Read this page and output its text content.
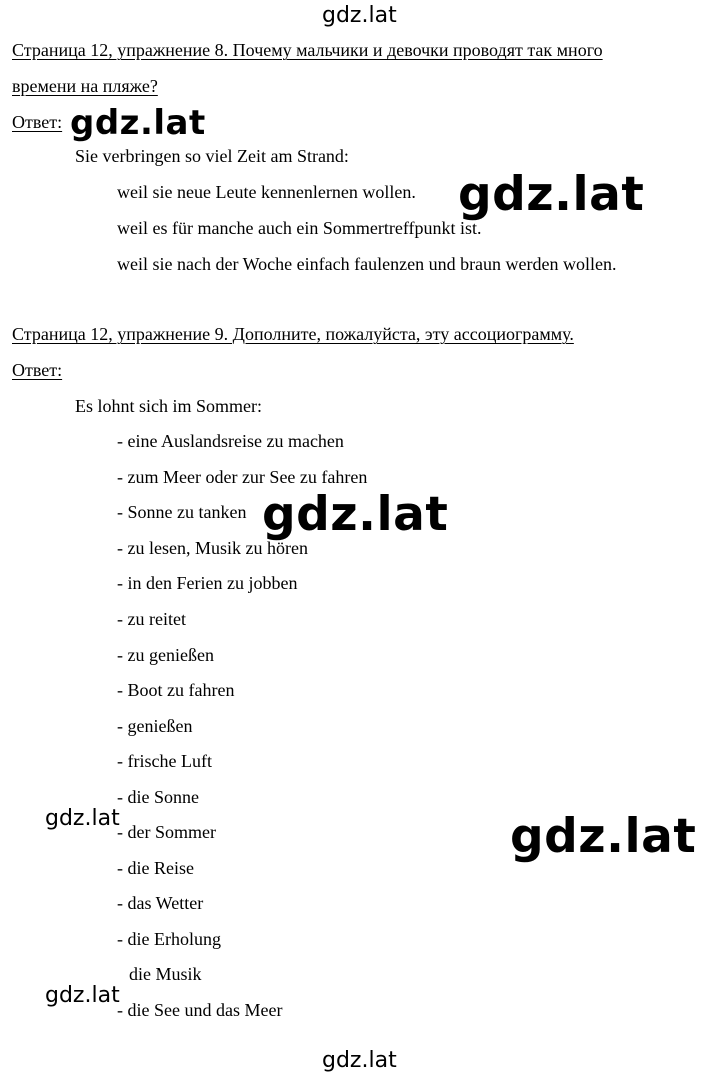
gdz.lat
Страница 12, упражнение 8. Почему мальчики и девочки проводят так много
времени на пляже?
Ответ:
Sie verbringen so viel Zeit am Strand:
weil sie neue Leute kennenlernen wollen.
weil es für manche auch ein Sommertreffpunkt ist.
weil sie nach der Woche einfach faulenzen und braun werden wollen.
Страница 12, упражнение 9. Дополните, пожалуйста, эту ассоциограмму.
Ответ:
Es lohnt sich im Sommer:
- eine Auslandsreise zu machen
- zum Meer oder zur See zu fahren
- Sonne zu tanken
- zu lesen, Musik zu hören
- in den Ferien zu jobben
- zu reitet
- zu genießen
- Boot zu fahren
- genießen
- frische Luft
- die Sonne
- der Sommer
- die Reise
- das Wetter
- die Erholung
die Musik
- die See und das Meer
gdz.lat
gdz.lat
gdz.lat
gdz.lat
gdz.lat
gdz.lat
gdz.lat
